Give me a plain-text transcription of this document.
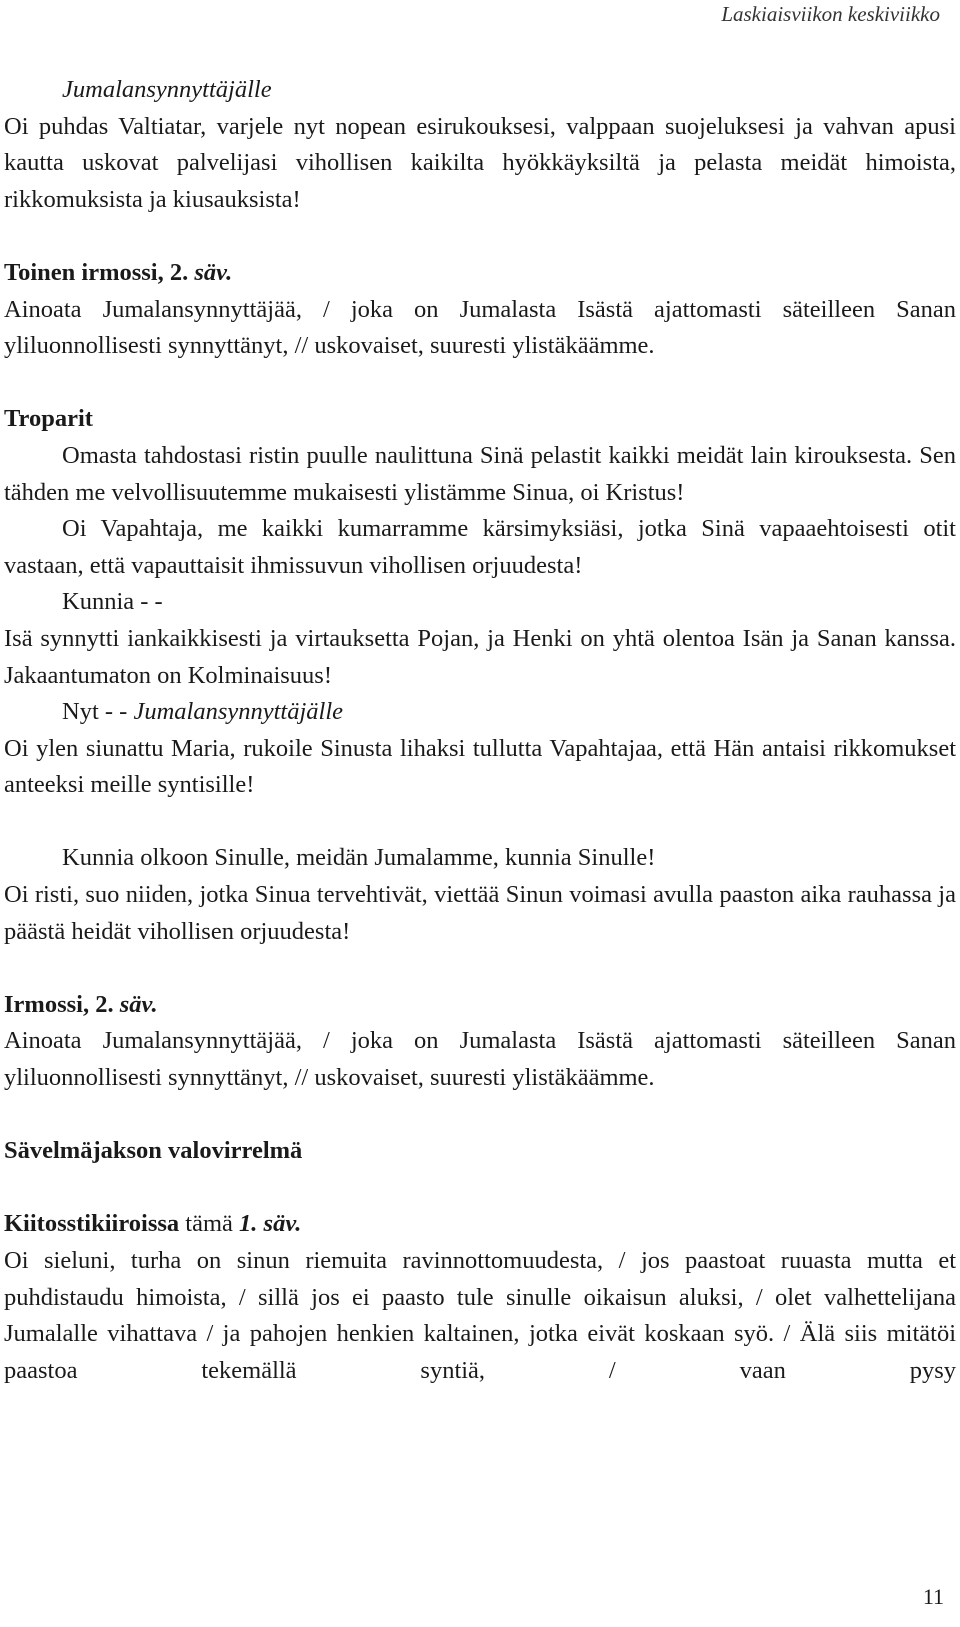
Laskiaisviikon keskiviikko

Jumalansynnyttäjälle

Oi puhdas Valtiatar, varjele nyt nopean esirukouksesi, valppaan suojeluksesi ja vahvan apusi kautta uskovat palvelijasi vihollisen kaikilta hyökkäyksiltä ja pelasta meidät himoista, rikkomuksista ja kiusauksista!

Toinen irmossi, 2. säv.

Ainoata Jumalansynnyttäjää, / joka on Jumalasta Isästä ajattomasti säteilleen Sanan yliluonnollisesti synnyttänyt, // uskovaiset, suuresti ylistäkäämme.

Troparit

Omasta tahdostasi ristin puulle naulittuna Sinä pelastit kaikki meidät lain kirouksesta. Sen tähden me velvollisuutemme mukaisesti ylistämme Sinua, oi Kristus!

Oi Vapahtaja, me kaikki kumarramme kärsimyksiäsi, jotka Sinä vapaaehtoisesti otit vastaan, että vapauttaisit ihmissuvun vihollisen orjuudesta!

Kunnia - -

Isä synnytti iankaikkisesti ja virtauksetta Pojan, ja Henki on yhtä olentoa Isän ja Sanan kanssa. Jakaantumaton on Kolminaisuus!

Nyt - - Jumalansynnyttäjälle

Oi ylen siunattu Maria, rukoile Sinusta lihaksi tullutta Vapahtajaa, että Hän antaisi rikkomukset anteeksi meille syntisille!

Kunnia olkoon Sinulle, meidän Jumalamme, kunnia Sinulle!

Oi risti, suo niiden, jotka Sinua tervehtivät, viettää Sinun voimasi avulla paaston aika rauhassa ja päästä heidät vihollisen orjuudesta!

Irmossi, 2. säv.

Ainoata Jumalansynnyttäjää, / joka on Jumalasta Isästä ajattomasti säteilleen Sanan yliluonnollisesti synnyttänyt, // uskovaiset, suuresti ylistäkäämme.

Sävelmäjakson valovirrelmä

Kiitosstikiiroissa tämä 1. säv.

Oi sieluni, turha on sinun riemuita ravinnottomuudesta, / jos paastoat ruuasta mutta et puhdistaudu himoista, / sillä jos ei paasto tule sinulle oikaisun aluksi, / olet valhettelijana Jumalalle vihattava / ja pahojen henkien kaltainen, jotka eivät koskaan syö. / Älä siis mitätöi paastoa tekemällä syntiä, / vaan pysy

11
